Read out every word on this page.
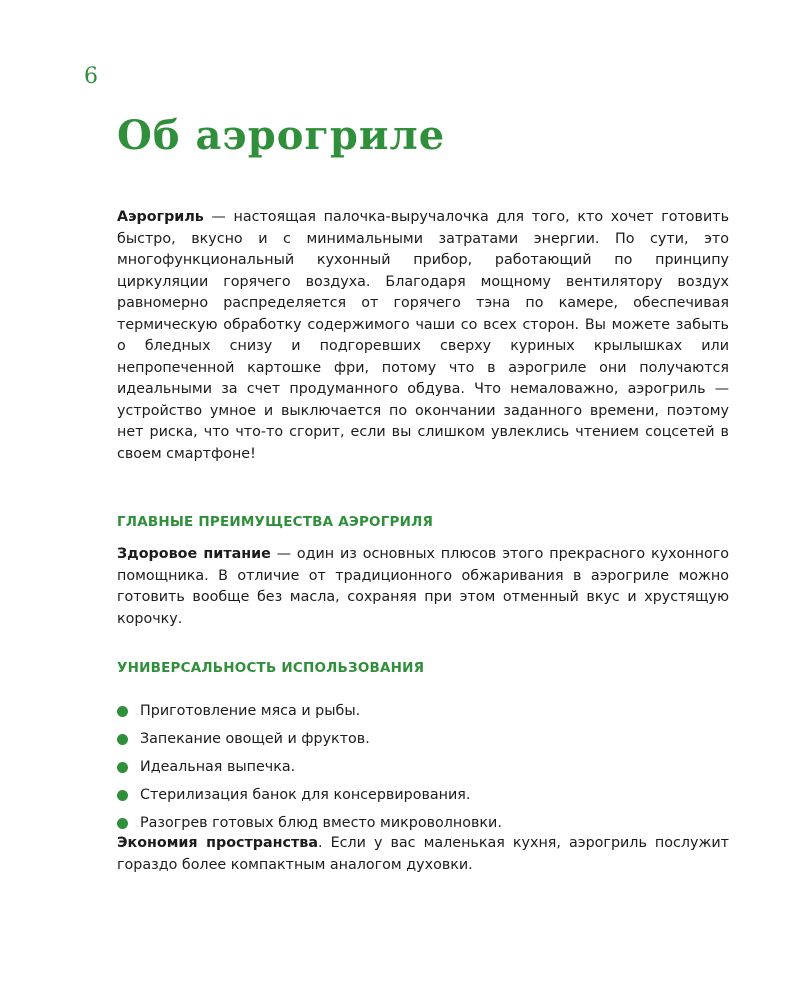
6
Об аэрогриле

Аэрогриль — настоящая палочка-выручалочка для того, кто хочет готовить быстро, вкусно и с минимальными затратами энергии. По сути, это многофункциональный кухонный прибор, работающий по принципу циркуляции горячего воздуха. Благодаря мощному вентилятору воздух равномерно распределяется от горячего тэна по камере, обеспечивая термическую обработку содержимого чаши со всех сторон. Вы можете забыть о бледных снизу и подгоревших сверху куриных крылышках или непропеченной картошке фри, потому что в аэрогриле они получаются идеальными за счет продуманного обдува. Что немаловажно, аэрогриль — устройство умное и выключается по окончании заданного времени, поэтому нет риска, что что-то сгорит, если вы слишком увлеклись чтением соцсетей в своем смартфоне!

ГЛАВНЫЕ ПРЕИМУЩЕСТВА АЭРОГРИЛЯ

Здоровое питание — один из основных плюсов этого прекрасного кухонного помощника. В отличие от традиционного обжаривания в аэрогриле можно готовить вообще без масла, сохраняя при этом отменный вкус и хрустящую корочку.

УНИВЕРСАЛЬНОСТЬ ИСПОЛЬЗОВАНИЯ
Приготовление мяса и рыбы.
Запекание овощей и фруктов.
Идеальная выпечка.
Стерилизация банок для консервирования.
Разогрев готовых блюд вместо микроволновки.

Экономия пространства. Если у вас маленькая кухня, аэрогриль послужит гораздо более компактным аналогом духовки.
